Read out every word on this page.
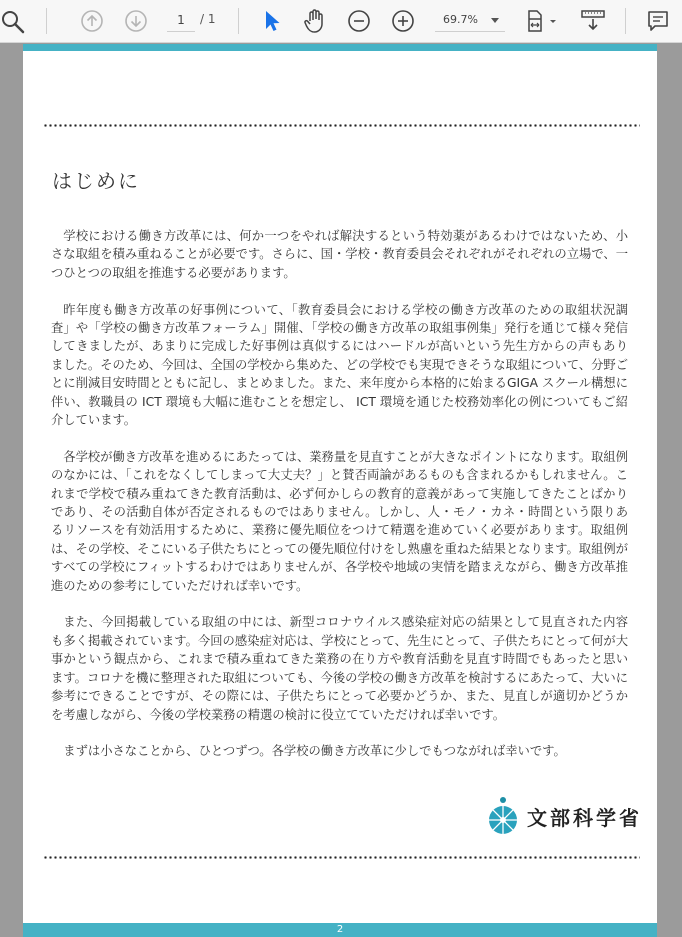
1
/ 1	69.7%
はじめに

学校における働き方改革には、何か一つをやれば解決するという特効薬があるわけではないため、小さな取組を積み重ねることが必要です。さらに、国・学校・教育委員会それぞれがそれぞれの立場で、一つひとつの取組を推進する必要があります。

昨年度も働き方改革の好事例について、「教育委員会における学校の働き方改革のための取組状況調査」や「学校の働き方改革フォーラム」開催、「学校の働き方改革の取組事例集」発行を通じて様々発信してきましたが、あまりに完成した好事例は真似するにはハードルが高いという先生方からの声もありました。そのため、今回は、全国の学校から集めた、どの学校でも実現できそうな取組について、分野ごとに削減目安時間とともに記し、まとめました。また、来年度から本格的に始まるGIGA スクール構想に伴い、教職員の ICT 環境も大幅に進むことを想定し、 ICT 環境を通じた校務効率化の例についてもご紹介しています。

各学校が働き方改革を進めるにあたっては、業務量を見直すことが大きなポイントになります。取組例のなかには、「これをなくしてしまって大丈夫？」と賛否両論があるものも含まれるかもしれません。これまで学校で積み重ねてきた教育活動は、必ず何かしらの教育的意義があって実施してきたことばかりであり、その活動自体が否定されるものではありません。しかし、人・モノ・カネ・時間という限りあるリソースを有効活用するために、業務に優先順位をつけて精選を進めていく必要があります。取組例は、その学校、そこにいる子供たちにとっての優先順位付けをし熟慮を重ねた結果となります。取組例がすべての学校にフィットするわけではありませんが、各学校や地域の実情を踏まえながら、働き方改革推進のための参考にしていただければ幸いです。

また、今回掲載している取組の中には、新型コロナウイルス感染症対応の結果として見直された内容も多く掲載されています。今回の感染症対応は、学校にとって、先生にとって、子供たちにとって何が大事かという観点から、これまで積み重ねてきた業務の在り方や教育活動を見直す時間でもあったと思います。コロナを機に整理された取組についても、今後の学校の働き方改革を検討するにあたって、大いに参考にできることですが、その際には、子供たちにとって必要かどうか、また、見直しが適切かどうかを考慮しながら、今後の学校業務の精選の検討に役立てていただければ幸いです。

まずは小さなことから、ひとつずつ。各学校の働き方改革に少しでもつながれば幸いです。

文部科学省
2
